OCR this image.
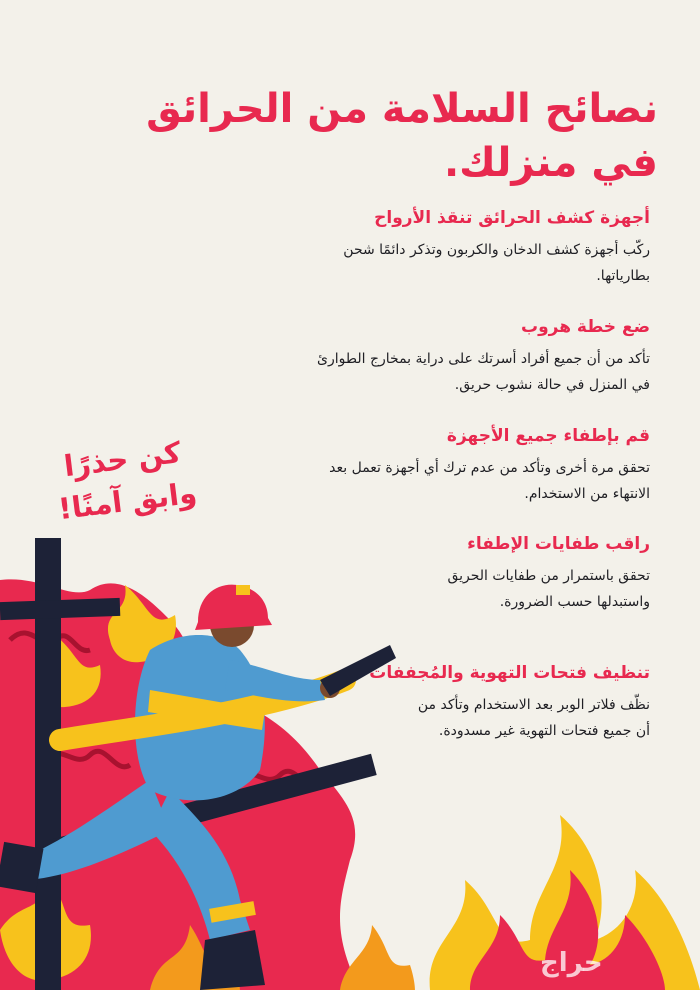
نصائح السلامة من الحرائق
في منزلك.
أجهزة كشف الحرائق تنقذ الأرواح
ركّب أجهزة كشف الدخان والكربون وتذكر دائمًا شحن
بطارياتها.
ضع خطة هروب
تأكد من أن جميع أفراد أسرتك على دراية بمخارج الطوارئ
في المنزل في حالة نشوب حريق.
قم بإطفاء جميع الأجهزة
تحقق مرة أخرى وتأكد من عدم ترك أي أجهزة تعمل بعد
الانتهاء من الاستخدام.
راقب طفايات الإطفاء
تحقق باستمرار من طفايات الحريق
واستبدلها حسب الضرورة.
تنظيف فتحات التهوية والمُجففات
نظّف فلاتر الوبر بعد الاستخدام وتأكد من
أن جميع فتحات التهوية غير مسدودة.
كن حذرًا
وابق آمنًا!
حراج
